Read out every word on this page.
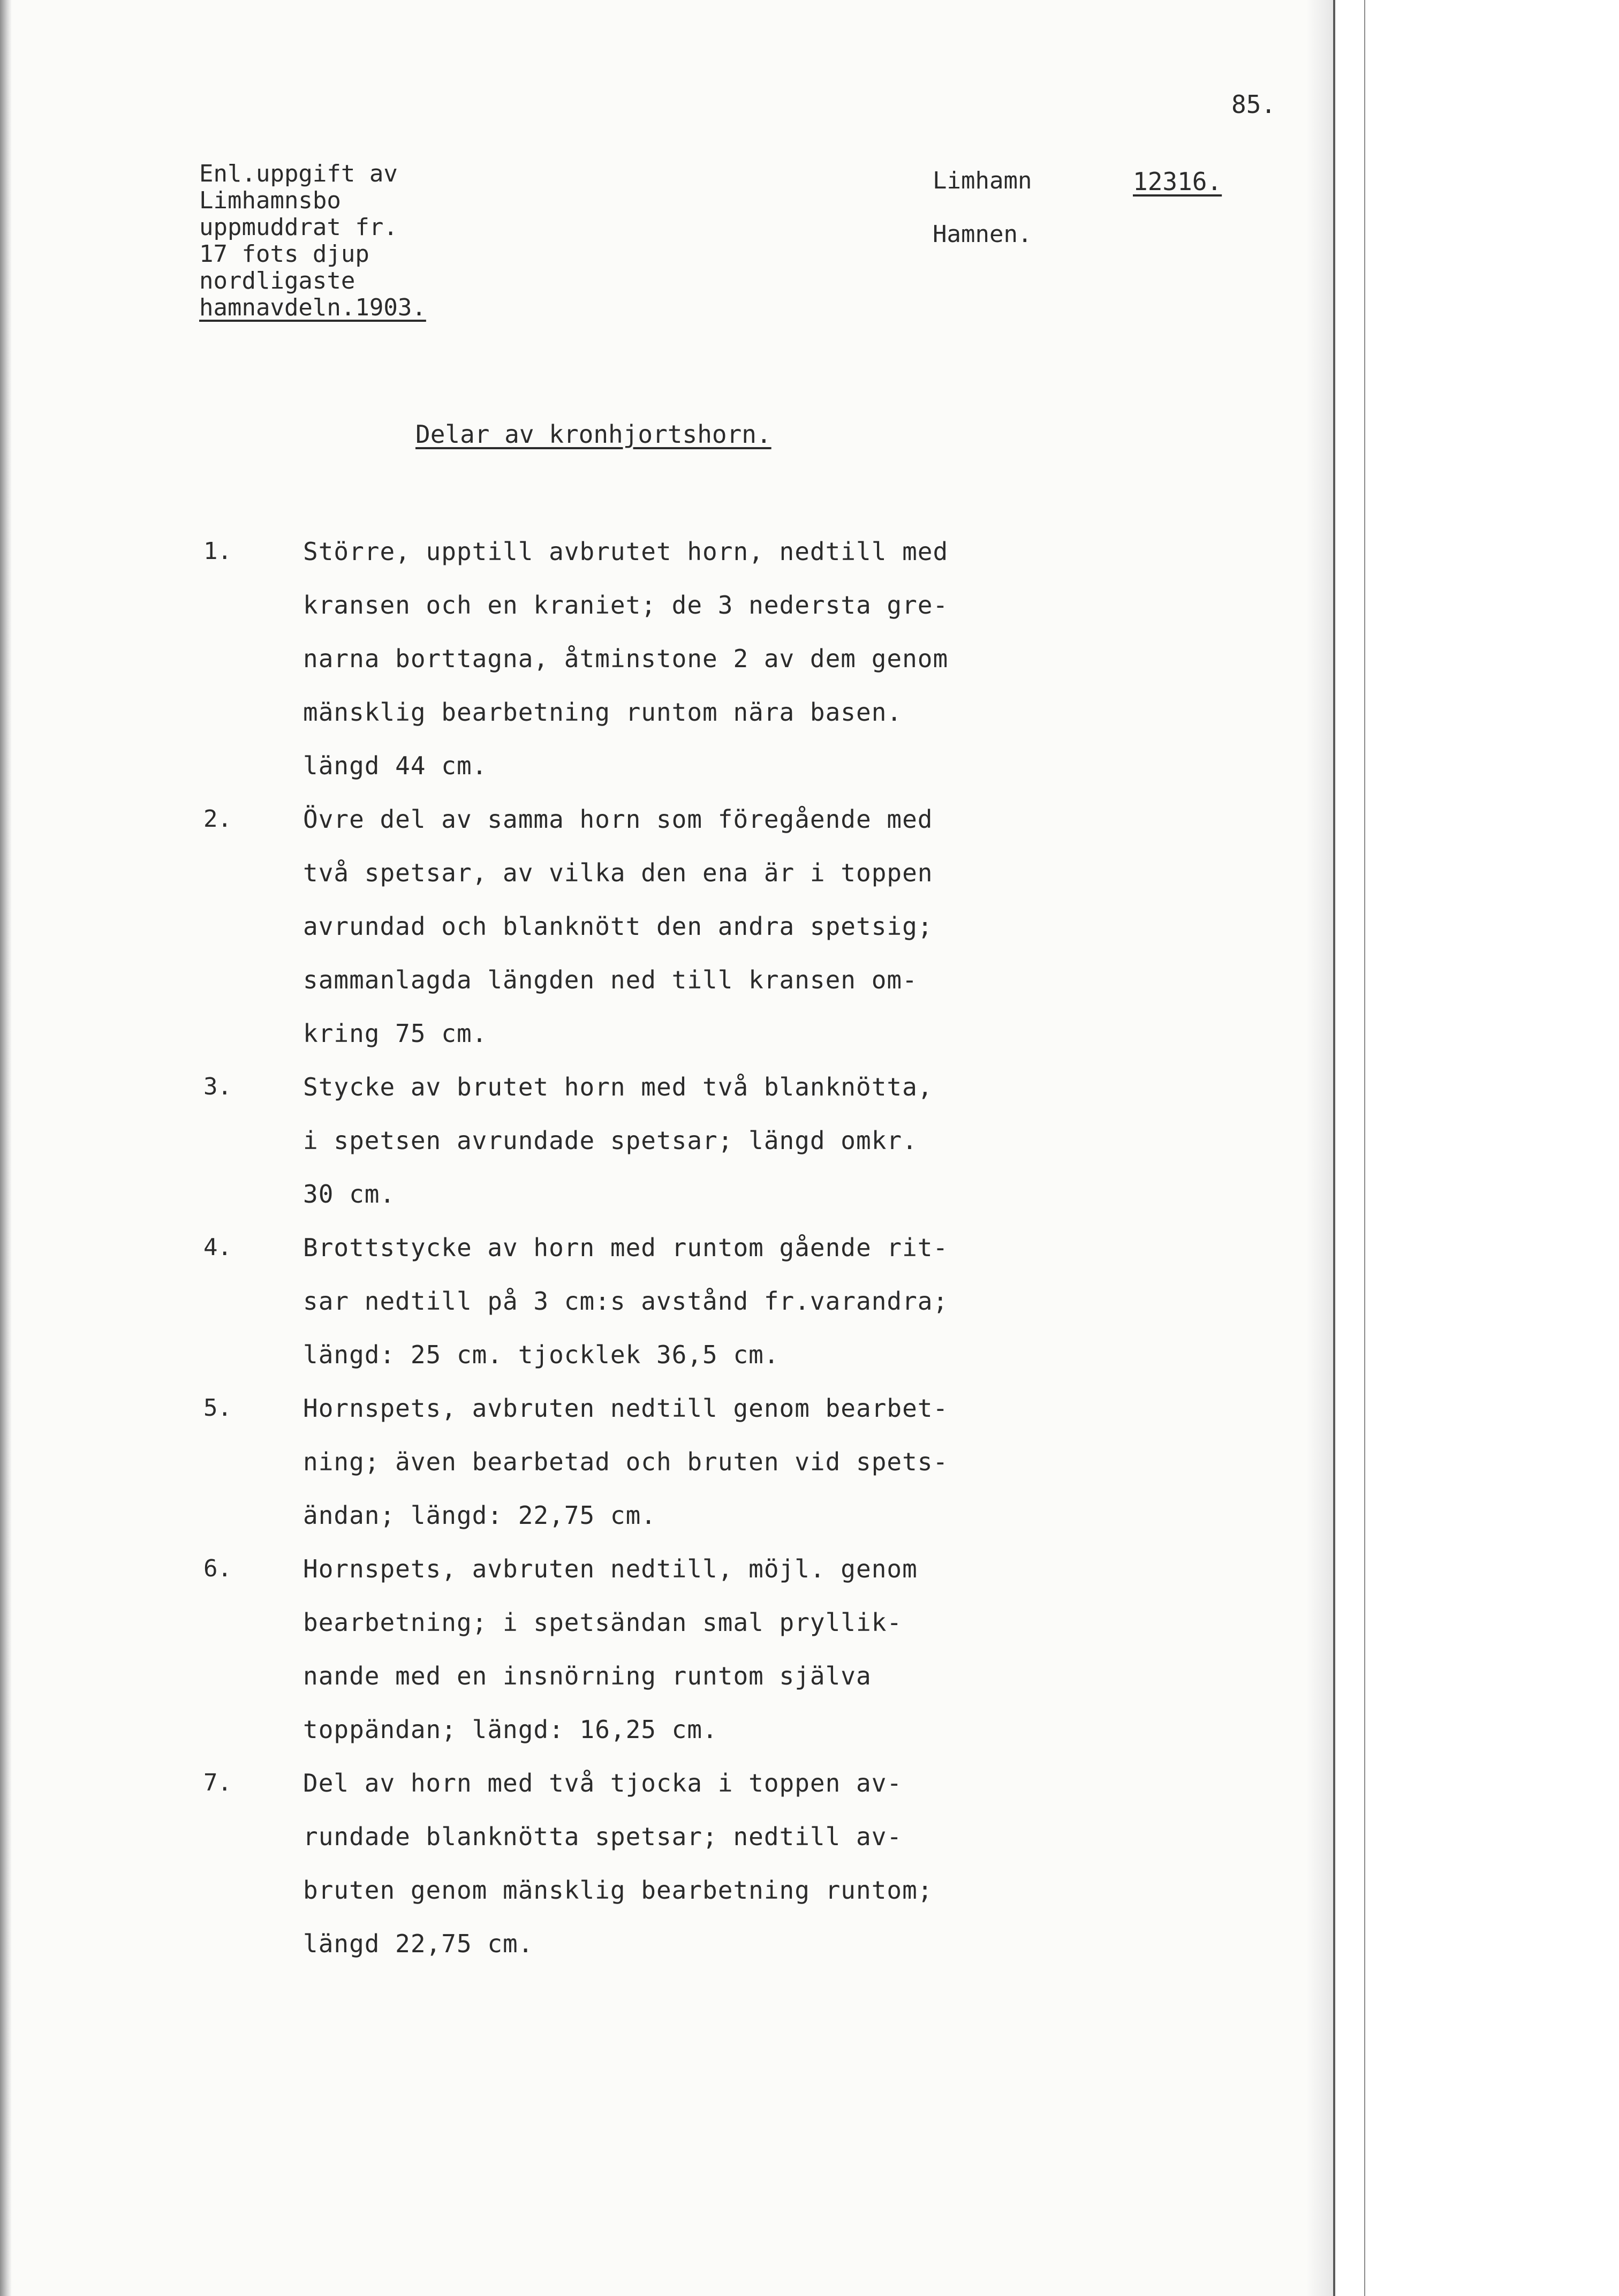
85.
Enl.uppgift av
Limhamnsbo
uppmuddrat fr.
17 fots djup
nordligaste
hamnavdeln.1903.
Limhamn
Hamnen.
12316.
Delar av kronhjortshorn.
1.	Större, upptill avbrutet horn, nedtill med
kransen och en kraniet; de 3 nedersta gre-
narna borttagna, åtminstone 2 av dem genom
mänsklig bearbetning runtom nära basen.
längd 44 cm.
2.	Övre del av samma horn som föregående med
två spetsar, av vilka den ena är i toppen
avrundad och blanknött den andra spetsig;
sammanlagda längden ned till kransen om-
kring 75 cm.
3.	Stycke av brutet horn med två blanknötta,
i spetsen avrundade spetsar; längd omkr.
30 cm.
4.	Brottstycke av horn med runtom gående rit-
sar nedtill på 3 cm:s avstånd fr.varandra;
längd: 25 cm. tjocklek 36,5 cm.
5.	Hornspets, avbruten nedtill genom bearbet-
ning; även bearbetad och bruten vid spets-
ändan; längd: 22,75 cm.
6.	Hornspets, avbruten nedtill, möjl. genom
bearbetning; i spetsändan smal pryllik-
nande med en insnörning runtom själva
toppändan; längd: 16,25 cm.
7.	Del av horn med två tjocka i toppen av-
rundade blanknötta spetsar; nedtill av-
bruten genom mänsklig bearbetning runtom;
längd 22,75 cm.
